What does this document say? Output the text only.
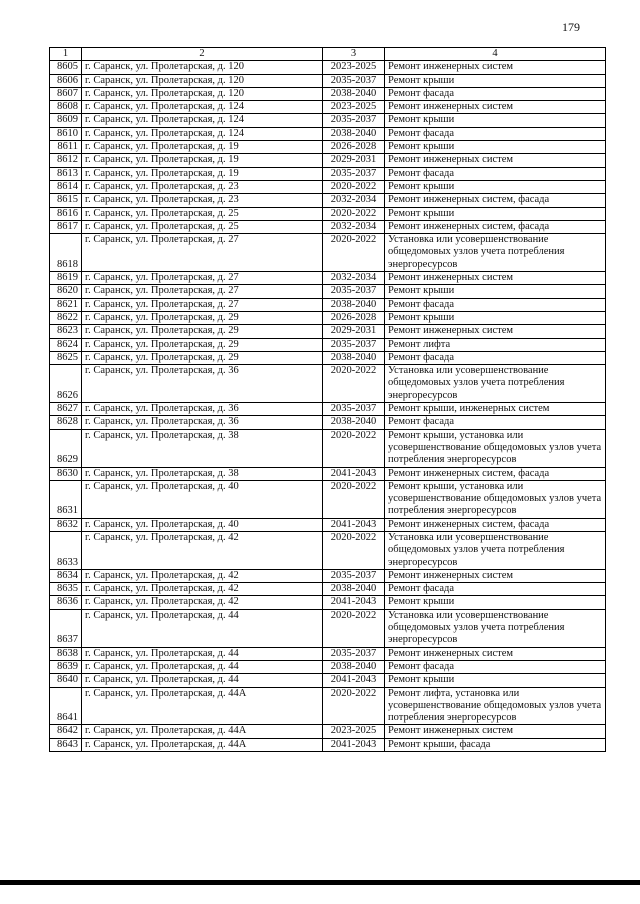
179
1	2	3	4
8605	г. Саранск, ул. Пролетарская, д. 120	2023-2025	Ремонт инженерных систем
8606	г. Саранск, ул. Пролетарская, д. 120	2035-2037	Ремонт крыши
8607	г. Саранск, ул. Пролетарская, д. 120	2038-2040	Ремонт фасада
8608	г. Саранск, ул. Пролетарская, д. 124	2023-2025	Ремонт инженерных систем
8609	г. Саранск, ул. Пролетарская, д. 124	2035-2037	Ремонт крыши
8610	г. Саранск, ул. Пролетарская, д. 124	2038-2040	Ремонт фасада
8611	г. Саранск, ул. Пролетарская, д. 19	2026-2028	Ремонт крыши
8612	г. Саранск, ул. Пролетарская, д. 19	2029-2031	Ремонт инженерных систем
8613	г. Саранск, ул. Пролетарская, д. 19	2035-2037	Ремонт фасада
8614	г. Саранск, ул. Пролетарская, д. 23	2020-2022	Ремонт крыши
8615	г. Саранск, ул. Пролетарская, д. 23	2032-2034	Ремонт инженерных систем, фасада
8616	г. Саранск, ул. Пролетарская, д. 25	2020-2022	Ремонт крыши
8617	г. Саранск, ул. Пролетарская, д. 25	2032-2034	Ремонт инженерных систем, фасада
8618	г. Саранск, ул. Пролетарская, д. 27	2020-2022	Установка или усовершенствование общедомовых узлов учета потребления энергоресурсов
8619	г. Саранск, ул. Пролетарская, д. 27	2032-2034	Ремонт инженерных систем
8620	г. Саранск, ул. Пролетарская, д. 27	2035-2037	Ремонт крыши
8621	г. Саранск, ул. Пролетарская, д. 27	2038-2040	Ремонт фасада
8622	г. Саранск, ул. Пролетарская, д. 29	2026-2028	Ремонт крыши
8623	г. Саранск, ул. Пролетарская, д. 29	2029-2031	Ремонт инженерных систем
8624	г. Саранск, ул. Пролетарская, д. 29	2035-2037	Ремонт лифта
8625	г. Саранск, ул. Пролетарская, д. 29	2038-2040	Ремонт фасада
8626	г. Саранск, ул. Пролетарская, д. 36	2020-2022	Установка или усовершенствование общедомовых узлов учета потребления энергоресурсов
8627	г. Саранск, ул. Пролетарская, д. 36	2035-2037	Ремонт крыши, инженерных систем
8628	г. Саранск, ул. Пролетарская, д. 36	2038-2040	Ремонт фасада
8629	г. Саранск, ул. Пролетарская, д. 38	2020-2022	Ремонт крыши, установка или усовершенствование общедомовых узлов учета потребления энергоресурсов
8630	г. Саранск, ул. Пролетарская, д. 38	2041-2043	Ремонт инженерных систем, фасада
8631	г. Саранск, ул. Пролетарская, д. 40	2020-2022	Ремонт крыши, установка или усовершенствование общедомовых узлов учета потребления энергоресурсов
8632	г. Саранск, ул. Пролетарская, д. 40	2041-2043	Ремонт инженерных систем, фасада
8633	г. Саранск, ул. Пролетарская, д. 42	2020-2022	Установка или усовершенствование общедомовых узлов учета потребления энергоресурсов
8634	г. Саранск, ул. Пролетарская, д. 42	2035-2037	Ремонт инженерных систем
8635	г. Саранск, ул. Пролетарская, д. 42	2038-2040	Ремонт фасада
8636	г. Саранск, ул. Пролетарская, д. 42	2041-2043	Ремонт крыши
8637	г. Саранск, ул. Пролетарская, д. 44	2020-2022	Установка или усовершенствование общедомовых узлов учета потребления энергоресурсов
8638	г. Саранск, ул. Пролетарская, д. 44	2035-2037	Ремонт инженерных систем
8639	г. Саранск, ул. Пролетарская, д. 44	2038-2040	Ремонт фасада
8640	г. Саранск, ул. Пролетарская, д. 44	2041-2043	Ремонт крыши
8641	г. Саранск, ул. Пролетарская, д. 44А	2020-2022	Ремонт лифта, установка или усовершенствование общедомовых узлов учета потребления энергоресурсов
8642	г. Саранск, ул. Пролетарская, д. 44А	2023-2025	Ремонт инженерных систем
8643	г. Саранск, ул. Пролетарская, д. 44А	2041-2043	Ремонт крыши, фасада
